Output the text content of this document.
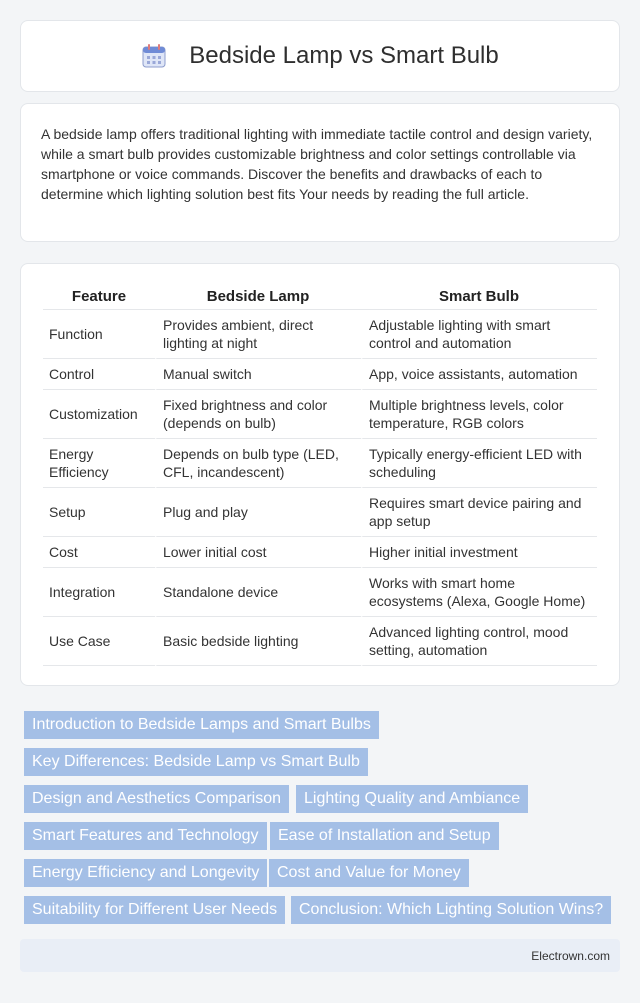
Bedside Lamp vs Smart Bulb

A bedside lamp offers traditional lighting with immediate tactile control and design variety, while a smart bulb provides customizable brightness and color settings controllable via smartphone or voice commands. Discover the benefits and drawbacks of each to determine which lighting solution best fits Your needs by reading the full article.

Feature	Bedside Lamp	Smart Bulb
Function	Provides ambient, direct lighting at night	Adjustable lighting with smart control and automation
Control	Manual switch	App, voice assistants, automation
Customization	Fixed brightness and color (depends on bulb)	Multiple brightness levels, color temperature, RGB colors
Energy Efficiency	Depends on bulb type (LED, CFL, incandescent)	Typically energy-efficient LED with scheduling
Setup	Plug and play	Requires smart device pairing and app setup
Cost	Lower initial cost	Higher initial investment
Integration	Standalone device	Works with smart home ecosystems (Alexa, Google Home)
Use Case	Basic bedside lighting	Advanced lighting control, mood setting, automation
Introduction to Bedside Lamps and Smart Bulbs
Key Differences: Bedside Lamp vs Smart Bulb
Design and Aesthetics Comparison	Lighting Quality and Ambiance
Smart Features and Technology	Ease of Installation and Setup
Energy Efficiency and Longevity	Cost and Value for Money
Suitability for Different User Needs	Conclusion: Which Lighting Solution Wins?
Electrown.com
